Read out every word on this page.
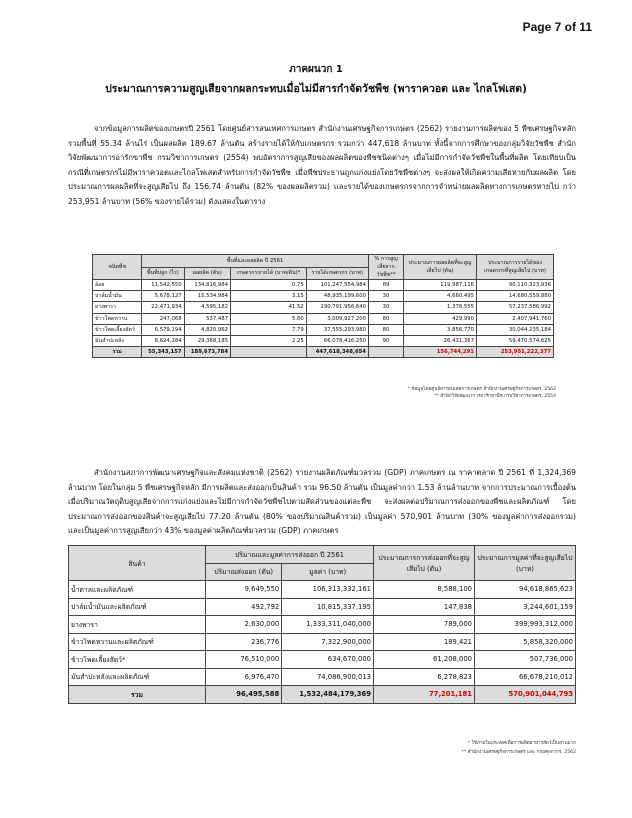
Page 7 of 11
ภาคผนวก 1
ประมาณการความสูญเสียจากผลกระทบเมื่อไม่มีสารกำจัดวัชพืช (พาราควอต และ ไกลโฟเสต)
จากข้อมูลการผลิตของเกษตรปี 2561 โดยศูนย์สารสนเทศการเกษตร สำนักงานเศรษฐกิจการเกษตร (2562) รายงานการผลิตของ 5 พืชเศรษฐกิจหลัก รวมพื้นที่ 55.34 ล้านไร่ เป็นผลผลิต 189.67 ล้านตัน สร้างรายได้ให้กับเกษตรกร รวมกว่า 447,618 ล้านบาท ทั้งนี้จากการศึกษาของกลุ่มวิจัยวัชพืช สำนักวิจัยพัฒนาการอารักขาพืช กรมวิชาการเกษตร (2554) พบอัตราการสูญเสียของผลผลิตของพืชชนิดต่างๆ เมื่อไม่มีการกำจัดวัชพืชในพื้นที่ผลิต โดยเทียบเป็นกรณีที่เกษตรกรไม่มีพาราควอตและไกลโฟเสตสำหรับการกำจัดวัชพืช เมื่อพืชประธานถูกแก่งแย่งโดยวัชพืชต่างๆ จะส่งผลให้เกิดความเสียหายกับผลผลิต โดยประมาณการผลผลิตที่จะสูญเสียไป ถึง 156.74 ล้านตัน (82% ของผลผลิตรวม) และรายได้ของเกษตรกรจากการจำหน่ายผลผลิตทางการเกษตรหายไป กว่า 253,951 ล้านบาท (56% ของรายได้รวม) ดังแสดงในตาราง
ชนิดพืช	พื้นที่และผลผลิต ปี 2561				% การสูญเสียจากวัชพืช**	ประมาณการผลผลิตที่จะสูญเสียไป (ตัน)	ประมาณการรายได้ของเกษตรกรที่สูญเสียไป (บาท)
	พื้นที่ปลูก (ไร่)	ผลผลิต (ตัน)	เกษตรกรขายได้ (บาท/ตัน)*	รายได้เกษตรกร (บาท)			
อ้อย	11,542,550	134,816,984	0.75	101,247,554,984	89	119,987,116	90,110,323,936
ปาล์มน้ำมัน	5,678,127	15,534,984	3.15	48,935,199,600	30	4,660,495	14,680,559,880
ยางพารา	22,471,934	4,595,182	41.52	190,791,956,640	30	1,378,555	57,237,586,992
ข้าวโพดหวาน	247,068	537,487	5.60	3,009,927,200	80	429,990	2,407,941,760
ข้าวโพดเลี้ยงสัตว์	6,579,194	4,820,962	7.79	37,555,293,980	80	3,856,770	30,044,235,184
มันสำปะหลัง	8,624,284	29,368,185	2.25	66,078,416,250	90	26,431,367	59,470,574,625
รวม	55,343,157	189,673,784		447,618,348,654		156,744,291	253,951,222,377
* ข้อมูลโดยศูนย์สารสนเทศการเกษตร สำนักงานเศรษฐกิจการเกษตร, 2562
** สำนักวิจัยพัฒนาการอารักขาพืช กรมวิชาการเกษตร, 2554
สำนักงานสภาการพัฒนาเศรษฐกิจและสังคมแห่งชาติ (2562) รายงานผลิตภัณฑ์มวลรวม (GDP) ภาคเกษตร ณ ราคาตลาด ปี 2561 ที่ 1,324,369 ล้านบาท โดยในกลุ่ม 5 พืชเศรษฐกิจหลัก มีการผลิตและส่งออกเป็นสินค้า รวม 96.50 ล้านตัน เป็นมูลค่ากว่า 1.53 ล้านล้านบาท จากการประมาณการเบื้องต้น เมื่อปริมาณวัตถุดิบสูญเสียจากการแก่งแย่งและไม่มีการกำจัดวัชพืชไปตามสัดส่วนของแต่ละพืช จะส่งผลต่อปริมาณการส่งออกของพืชและผลิตภัณฑ์ โดยประมาณการส่งออกของสินค้าจะสูญเสียไป 77.20 ล้านตัน (80% ของปริมาณสินค้ารวม) เป็นมูลค่า 570,901 ล้านบาท (30% ของมูลค่าการส่งออกรวม) และเป็นมูลค่าการสูญเสียกว่า 43% ของมูลค่าผลิตภัณฑ์มวลรวม (GDP) ภาคเกษตร
สินค้า	ปริมาณและมูลค่าการส่งออก ปี 2561		ประมาณการการส่งออกที่จะสูญเสียไป (ตัน)	ประมาณการมูลค่าที่จะสูญเสียไป (บาท)
	ปริมาณส่งออก (ตัน)	มูลค่า (บาท)		
น้ำตาลและผลิตภัณฑ์	9,649,550	106,313,332,161	8,588,100	94,618,865,623
ปาล์มน้ำมันและผลิตภัณฑ์	492,792	10,815,337,195	147,838	3,244,601,159
ยางพารา	2,630,000	1,333,311,040,000	789,000	399,993,312,000
ข้าวโพดหวานและผลิตภัณฑ์	236,776	7,322,900,000	189,421	5,858,320,000
ข้าวโพดเลี้ยงสัตว์*	76,510,000	634,670,000	61,208,000	507,736,000
มันสำปะหลังและผลิตภัณฑ์	6,976,470	74,086,900,013	6,278,823	66,678,210,012
รวม	96,495,588	1,532,484,179,369	77,201,181	570,901,044,793
* ใช้ภายในประเทศเพื่อการผลิตอาหารสัตว์เป็นส่วนมาก
** สำนักงานเศรษฐกิจการเกษตร และ กรมศุลกากร, 2562
